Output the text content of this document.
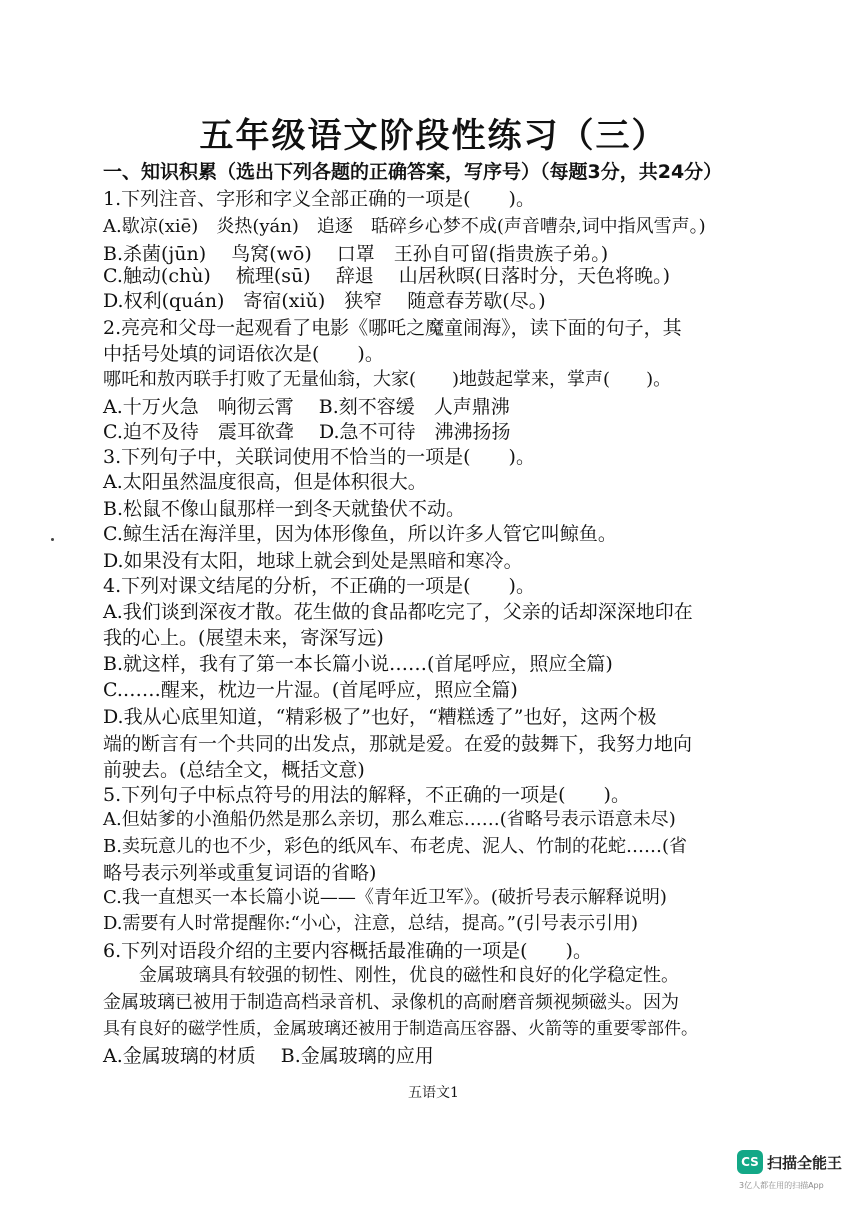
五年级语文阶段性练习（三）
一、知识积累（选出下列各题的正确答案，写序号）（每题3分，共24分）
1.下列注音、字形和字义全部正确的一项是(　　)。
A.歇凉(xiē)　炎热(yán)　追逐　聒碎乡心梦不成(声音嘈杂,词中指风雪声。)
B.杀菌(jūn)　 鸟窝(wō)　 口罩　王孙自可留(指贵族子弟。)
C.触动(chù)　 梳理(sū)　 辞退　 山居秋暝(日落时分，天色将晚。)
D.权利(quán)　寄宿(xiǔ)　狭窄　 随意春芳歇(尽。)
2.亮亮和父母一起观看了电影《哪吒之魔童闹海》，读下面的句子，其
中括号处填的词语依次是(　　)。
哪吒和敖丙联手打败了无量仙翁，大家(　　)地鼓起掌来，掌声(　　)。
A.十万火急　响彻云霄　 B.刻不容缓　人声鼎沸
C.迫不及待　震耳欲聋　 D.急不可待　沸沸扬扬
3.下列句子中，关联词使用不恰当的一项是(　　)。
A.太阳虽然温度很高，但是体积很大。
B.松鼠不像山鼠那样一到冬天就蛰伏不动。
C.鲸生活在海洋里，因为体形像鱼，所以许多人管它叫鲸鱼。
D.如果没有太阳，地球上就会到处是黑暗和寒冷。
4.下列对课文结尾的分析，不正确的一项是(　　)。
A.我们谈到深夜才散。花生做的食品都吃完了，父亲的话却深深地印在
我的心上。(展望未来，寄深写远)
B.就这样，我有了第一本长篇小说……(首尾呼应，照应全篇)
C.……醒来，枕边一片湿。(首尾呼应，照应全篇)
D.我从心底里知道，“精彩极了”也好，“糟糕透了”也好，这两个极
端的断言有一个共同的出发点，那就是爱。在爱的鼓舞下，我努力地向
前驶去。(总结全文，概括文意)
5.下列句子中标点符号的用法的解释，不正确的一项是(　　)。
A.但姑爹的小渔船仍然是那么亲切，那么难忘……(省略号表示语意未尽)
B.卖玩意儿的也不少，彩色的纸风车、布老虎、泥人、竹制的花蛇……(省
略号表示列举或重复词语的省略)
C.我一直想买一本长篇小说——《青年近卫军》。(破折号表示解释说明)
D.需要有人时常提醒你:“小心，注意，总结，提高。”(引号表示引用)
6.下列对语段介绍的主要内容概括最准确的一项是(　　)。
　　金属玻璃具有较强的韧性、刚性，优良的磁性和良好的化学稳定性。
金属玻璃已被用于制造高档录音机、录像机的高耐磨音频视频磁头。因为
具有良好的磁学性质，金属玻璃还被用于制造高压容器、火箭等的重要零部件。
A.金属玻璃的材质　 B.金属玻璃的应用
五语文1
CS 扫描全能王
3亿人都在用的扫描App
